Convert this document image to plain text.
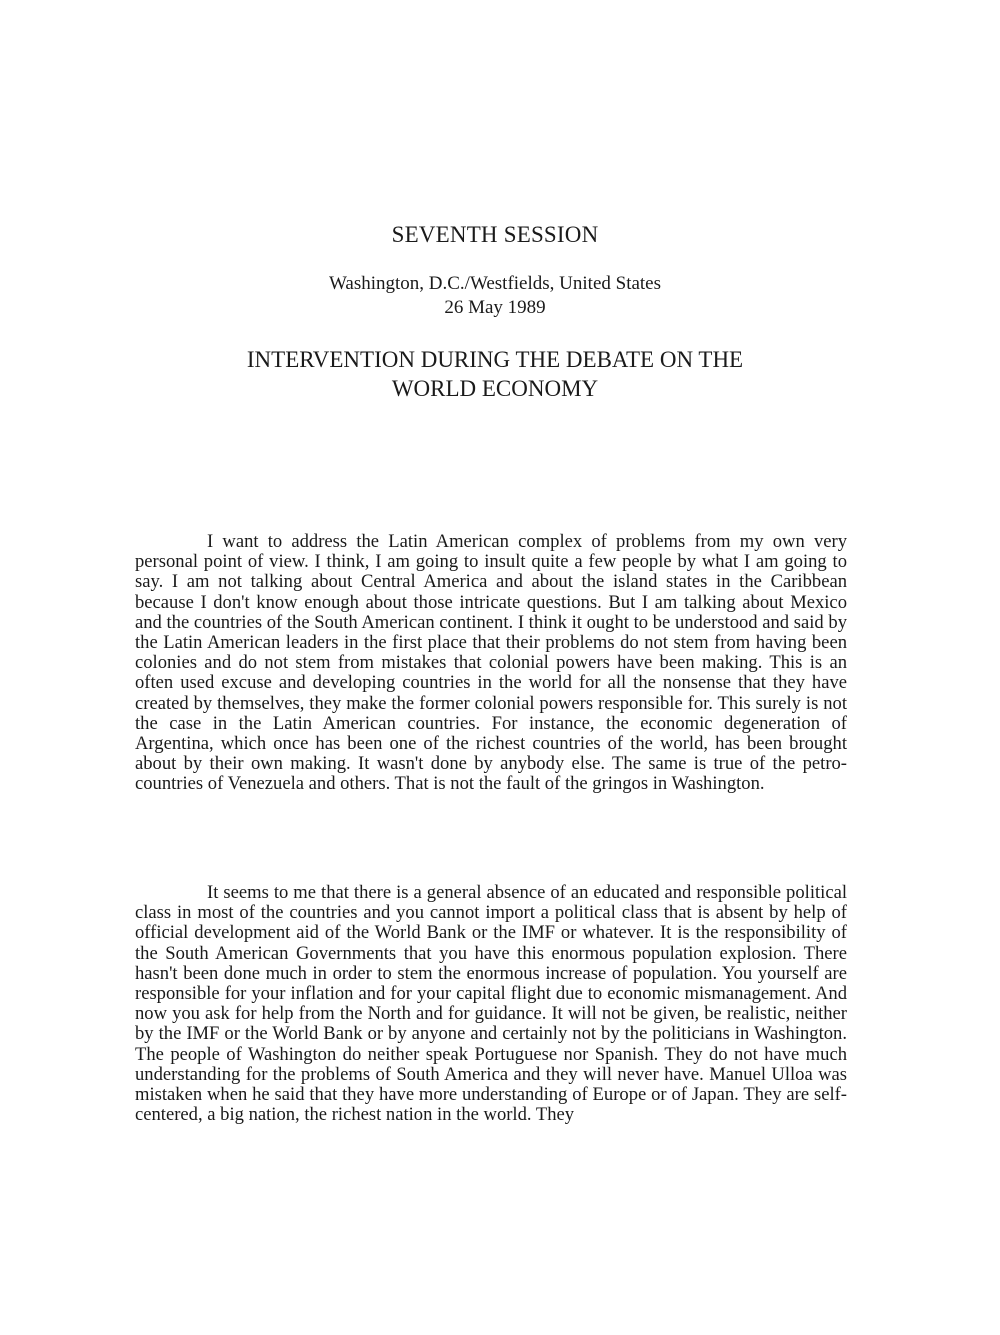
SEVENTH SESSION
Washington, D.C./Westfields, United States
26 May 1989
INTERVENTION DURING THE DEBATE ON THE
WORLD ECONOMY

I want to address the Latin American complex of problems from my own very personal point of view. I think, I am going to insult quite a few people by what I am going to say. I am not talking about Central America and about the island states in the Caribbean because I don't know enough about those intricate questions. But I am talking about Mexico and the countries of the South American continent. I think it ought to be understood and said by the Latin American leaders in the first place that their problems do not stem from having been colonies and do not stem from mistakes that colonial powers have been making. This is an often used excuse and developing countries in the world for all the nonsense that they have created by themselves, they make the former colonial powers responsible for. This surely is not the case in the Latin American countries. For instance, the economic degeneration of Argentina, which once has been one of the richest countries of the world, has been brought about by their own making. It wasn't done by anybody else. The same is true of the petro-countries of Venezuela and others. That is not the fault of the gringos in Washington.

It seems to me that there is a general absence of an educated and responsible political class in most of the countries and you cannot import a political class that is absent by help of official development aid of the World Bank or the IMF or whatever. It is the responsibility of the South American Governments that you have this enormous population explosion. There hasn't been done much in order to stem the enormous increase of population. You yourself are responsible for your inflation and for your capital flight due to economic mismanagement. And now you ask for help from the North and for guidance. It will not be given, be realistic, neither by the IMF or the World Bank or by anyone and certainly not by the politicians in Washington. The people of Washington do neither speak Portuguese nor Spanish. They do not have much understanding for the problems of South America and they will never have. Manuel Ulloa was mistaken when he said that they have more understanding of Europe or of Japan. They are self-centered, a big nation, the richest nation in the world. They
